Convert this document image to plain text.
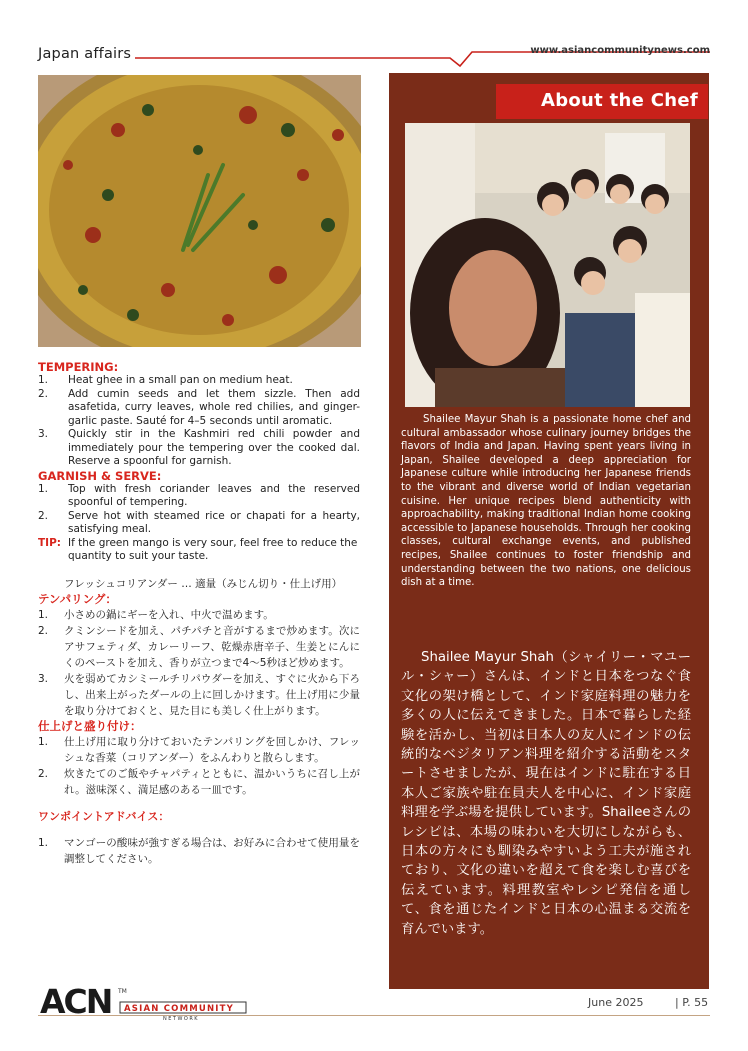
Japan affairs	www.asiancommunitynews.com

TEMPERING:

1. Heat ghee in a small pan on medium heat.
2. Add cumin seeds and let them sizzle. Then add asafetida, curry leaves, whole red chilies, and ginger-garlic paste. Sauté for 4–5 seconds until aromatic.
3. Quickly stir in the Kashmiri red chili powder and immediately pour the tempering over the cooked dal. Reserve a spoonful for garnish.

GARNISH & SERVE:

1. Top with fresh coriander leaves and the reserved spoonful of tempering.
2. Serve hot with steamed rice or chapati for a hearty, satisfying meal.
TIP: If the green mango is very sour, feel free to reduce the quantity to suit your taste.
フレッシュコリアンダー … 適量（みじん切り・仕上げ用）

テンパリング：

1. 小さめの鍋にギーを入れ、中火で温めます。
2. クミンシードを加え、パチパチと音がするまで炒めます。次にアサフェティダ、カレーリーフ、乾燥赤唐辛子、生姜とにんにくのペーストを加え、香りが立つまで4〜5秒ほど炒めます。
3. 火を弱めてカシミールチリパウダーを加え、すぐに火から下ろし、出来上がったダールの上に回しかけます。仕上げ用に少量を取り分けておくと、見た目にも美しく仕上がります。

仕上げと盛り付け：

1. 仕上げ用に取り分けておいたテンパリングを回しかけ、フレッシュな香菜（コリアンダー）をふんわりと散らします。
2. 炊きたてのご飯やチャパティとともに、温かいうちに召し上がれ。滋味深く、満足感のある一皿です。

ワンポイントアドバイス：

1. マンゴーの酸味が強すぎる場合は、お好みに合わせて使用量を調整してください。
About the Chef
Shailee Mayur Shah is a passionate home chef and cultural ambassador whose culinary journey bridges the flavors of India and Japan. Having spent years living in Japan, Shailee developed a deep appreciation for Japanese culture while introducing her Japanese friends to the vibrant and diverse world of Indian vegetarian cuisine. Her unique recipes blend authenticity with approachability, making traditional Indian home cooking accessible to Japanese households. Through her cooking classes, cultural exchange events, and published recipes, Shailee continues to foster friendship and understanding between the two nations, one delicious dish at a time.
Shailee Mayur Shah（シャイリー・マユール・シャー）さんは、インドと日本をつなぐ食文化の架け橋として、インド家庭料理の魅力を多くの人に伝えてきました。日本で暮らした経験を活かし、当初は日本人の友人にインドの伝統的なベジタリアン料理を紹介する活動をスタートさせましたが、現在はインドに駐在する日本人ご家族や駐在員夫人を中心に、インド家庭料理を学ぶ場を提供しています。Shaileeさんのレシピは、本場の味わいを大切にしながらも、日本の方々にも馴染みやすいよう工夫が施されており、文化の違いを超えて食を楽しむ喜びを伝えています。料理教室やレシピ発信を通して、食を通じたインドと日本の心温まる交流を育んでいます。
ACN TM
ASIAN COMMUNITY
NETWORK
June 2025	| P. 55
